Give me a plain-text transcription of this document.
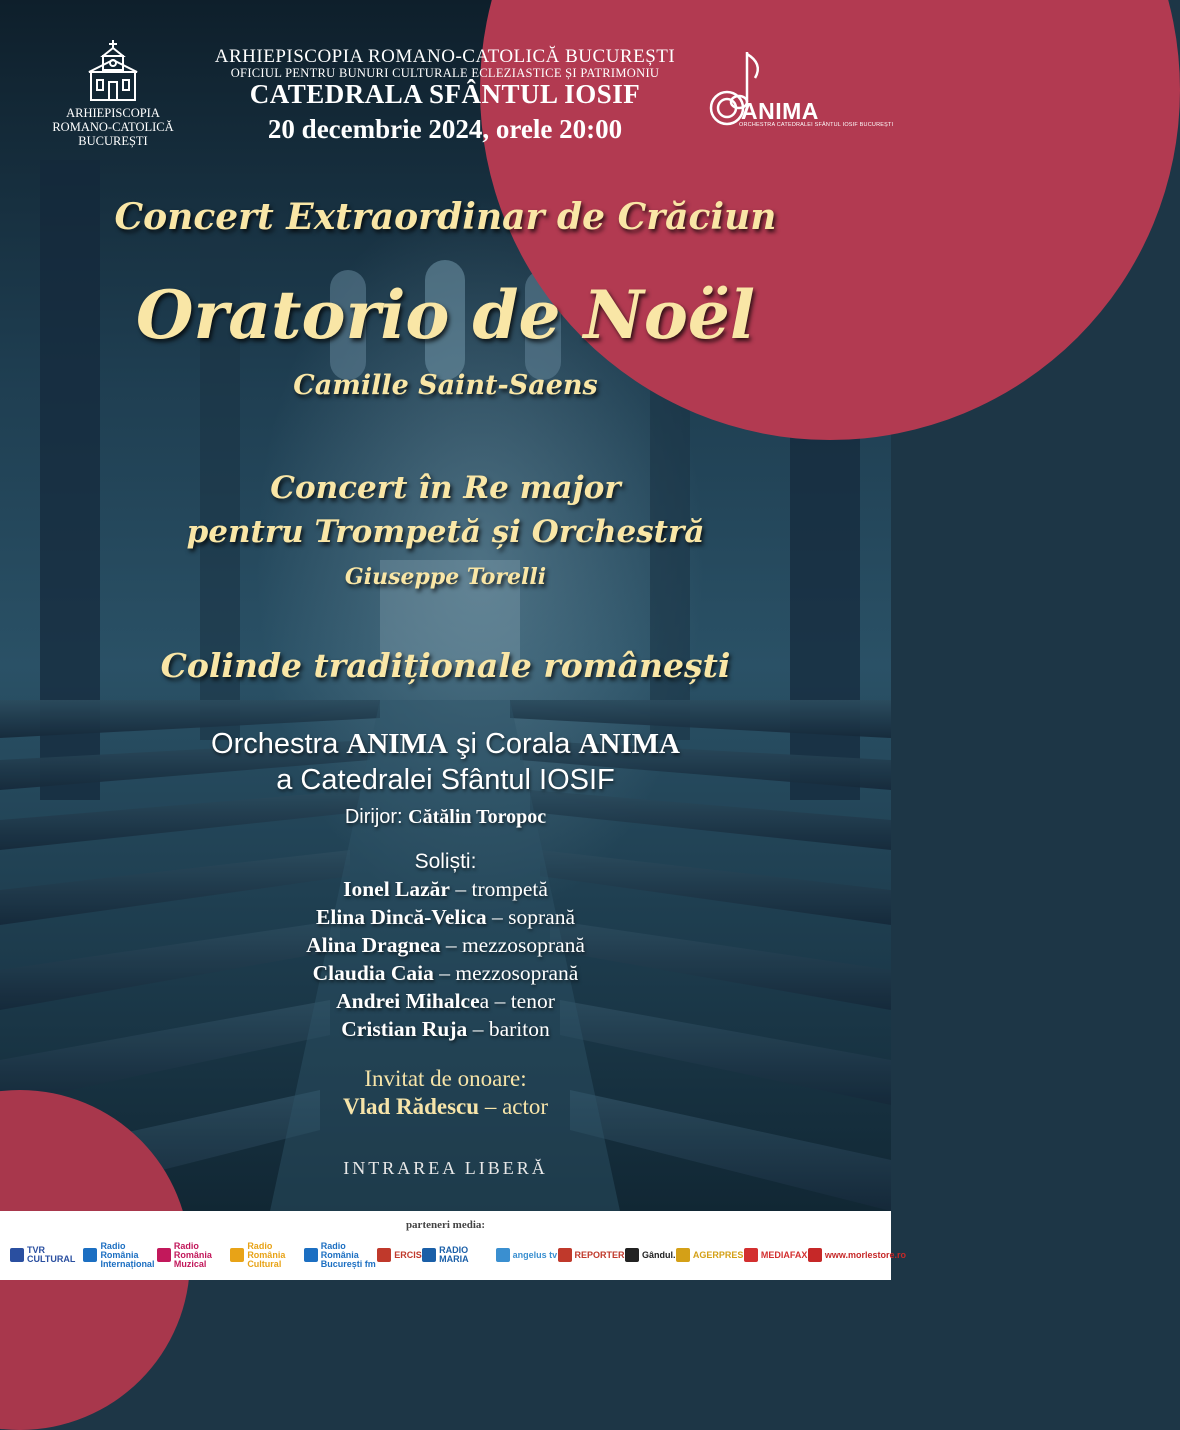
ARHIEPISCOPIA
ROMANO-CATOLICĂ
BUCUREȘTI
ARHIEPISCOPIA ROMANO-CATOLICĂ BUCUREȘTI
OFICIUL PENTRU BUNURI CULTURALE ECLEZIASTICE ȘI PATRIMONIU
CATEDRALA SFÂNTUL IOSIF
20 decembrie 2024, orele 20:00
ANIMA
ORCHESTRA CATEDRALEI SFÂNTUL IOSIF BUCUREȘTI
Concert Extraordinar de Crăciun
Oratorio de Noël
Camille Saint-Saens
Concert în Re major
pentru Trompetă și Orchestră
Giuseppe Torelli
Colinde tradiționale românești
Orchestra ANIMA şi Corala ANIMA
a Catedralei Sfântul IOSIF
Dirijor: Cătălin Toropoc
Soliști:
Ionel Lazăr – trompetă
Elina Dincă-Velica – soprană
Alina Dragnea – mezzosoprană
Claudia Caia – mezzosoprană
Andrei Mihalcea – tenor
Cristian Ruja – bariton
Invitat de onoare:
Vlad Rădescu – actor
INTRAREA LIBERĂ
parteneri media:
TVR CULTURAL
Radio România Internațional
Radio România Muzical
Radio România Cultural
Radio România București fm
ERCIS RADIO MARIA	angelus tv REPORTER Gândul. AGERPRES MEDIAFAX www.morlestore.ro
